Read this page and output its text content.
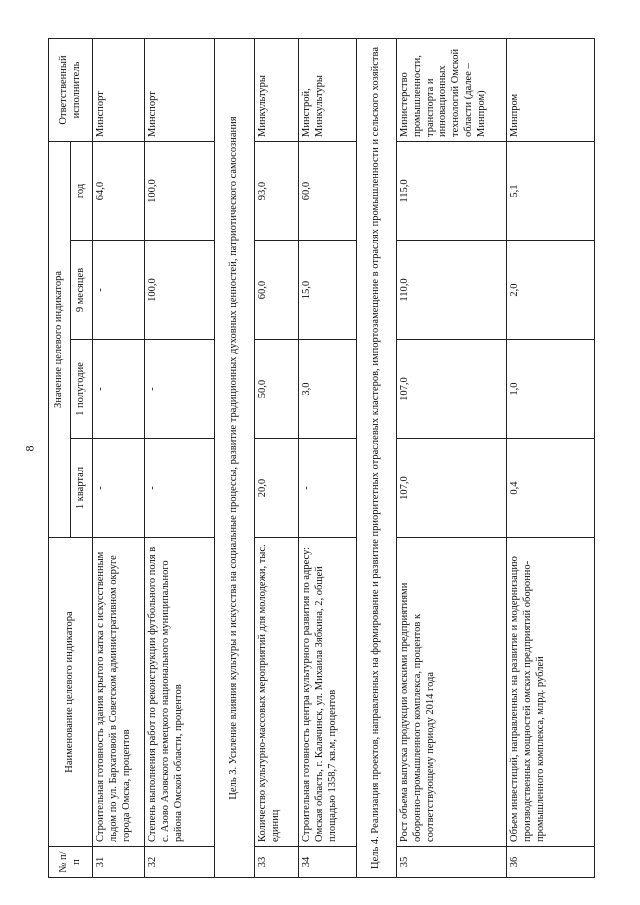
8
№ п/п	Наименование целевого индикатора	Значение целевого индикатора				Ответственный исполнитель
		1 квартал	1 полугодие	9 месяцев	год	
31	Строительная готовность здания крытого катка с искусственным льдом по ул. Бархатовой в Советском административном округе города Омска, процентов	-	-	-	64,0	Минспорт
32	Степень выполнения работ по реконструкции футбольного поля в с. Азово Азовского немецкого национального муниципального района Омской области, процентов	-	-	100,0	100,0	Минспорт
Цель 3. Усиление влияния культуры и искусства на социальные процессы, развитие традиционных духовных ценностей, патриотического самосознания						
33	Количество культурно-массовых мероприятий для молодежи, тыс. единиц	20,0	50,0	60,0	93,0	Минкультуры
34	Строительная готовность центра культурного развития по адресу: Омская область, г. Калачинск, ул. Михаила Зябкина, 2, общей площадью 1358,7 кв.м, процентов	-	3,0	15,0	60,0	Минстрой, Минкультуры
Цель 4. Реализация проектов, направленных на формирование и развитие приоритетных отраслевых кластеров, импортозамещение в отраслях промышленности и сельского хозяйства						
35	Рост объема выпуска продукции омскими предприятиями оборонно-промышленного комплекса, процентов к соответствующему периоду 2014 года	107,0	107,0	110,0	115,0	Министерство промышленности, транспорта и инновационных технологий Омской области (далее – Минпром)
36	Объем инвестиций, направленных на развитие и модернизацию производственных мощностей омских предприятий оборонно-промышленного комплекса, млрд. рублей	0,4	1,0	2,0	5,1	Минпром
